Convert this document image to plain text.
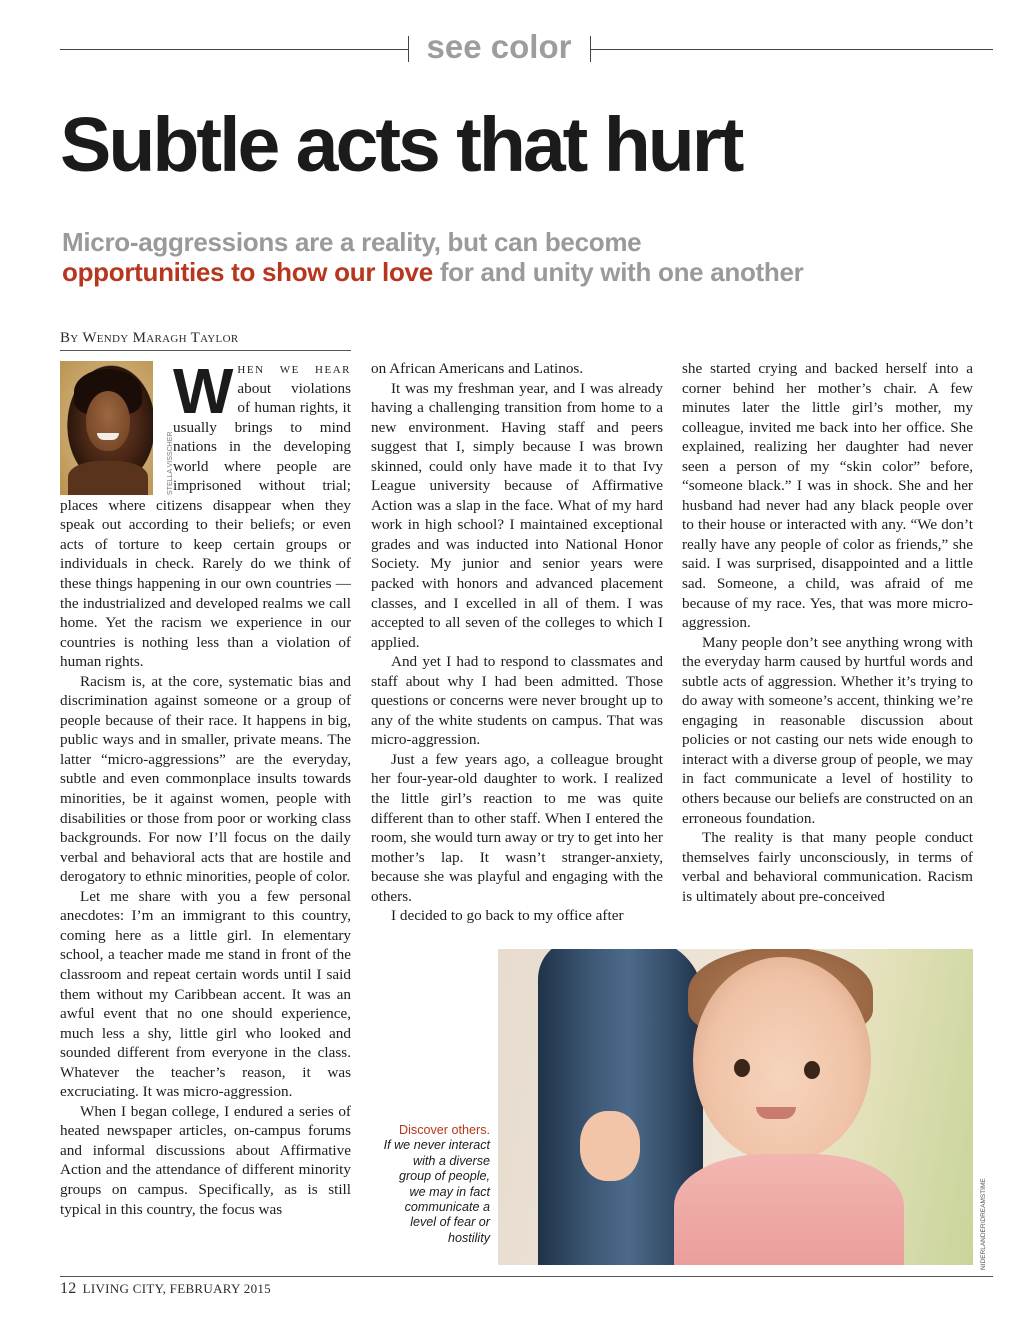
see color
Subtle acts that hurt

Micro-aggressions are a reality, but can become
opportunities to show our love for and unity with one another

By Wendy Maragh Taylor
STELLA VISSCHER
W hen we hear about violations of human rights, it usually brings to mind nations in the developing world where people are imprisoned without trial; places where citizens disappear when they speak out according to their beliefs; or even acts of torture to keep certain groups or individuals in check. Rarely do we think of these things happening in our own countries — the industrialized and developed realms we call home. Yet the racism we experience in our countries is nothing less than a violation of human rights.

Racism is, at the core, systematic bias and discrimination against someone or a group of people because of their race. It happens in big, public ways and in smaller, private means. The latter “micro-aggressions” are the everyday, subtle and even commonplace insults towards minorities, be it against women, people with disabilities or those from poor or working class backgrounds. For now I’ll focus on the daily verbal and behavioral acts that are hostile and derogatory to ethnic minorities, people of color.

Let me share with you a few personal anecdotes: I’m an immigrant to this country, coming here as a little girl. In elementary school, a teacher made me stand in front of the classroom and repeat certain words until I said them without my Caribbean accent. It was an awful event that no one should experience, much less a shy, little girl who looked and sounded different from everyone in the class. Whatever the teacher’s reason, it was excruciating. It was micro-aggression.

When I began college, I endured a series of heated newspaper articles, on-campus forums and informal discussions about Affirmative Action and the attendance of different minority groups on campus. Specifically, as is still typical in this country, the focus was

on African Americans and Latinos.

It was my freshman year, and I was already having a challenging transition from home to a new environment. Having staff and peers suggest that I, simply because I was brown skinned, could only have made it to that Ivy League university because of Affirmative Action was a slap in the face. What of my hard work in high school? I maintained exceptional grades and was inducted into National Honor Society. My junior and senior years were packed with honors and advanced placement classes, and I excelled in all of them. I was accepted to all seven of the colleges to which I applied.

And yet I had to respond to classmates and staff about why I had been admitted. Those questions or concerns were never brought up to any of the white students on campus. That was micro-aggression.

Just a few years ago, a colleague brought her four-year-old daughter to work. I realized the little girl’s reaction to me was quite different than to other staff. When I entered the room, she would turn away or try to get into her mother’s lap. It wasn’t stranger-anxiety, because she was playful and engaging with the others.

I decided to go back to my office after

she started crying and backed herself into a corner behind her mother’s chair. A few minutes later the little girl’s mother, my colleague, invited me back into her office. She explained, realizing her daughter had never seen a person of my “skin color” before, “someone black.” I was in shock. She and her husband had never had any black people over to their house or interacted with any. “We don’t really have any people of color as friends,” she said. I was surprised, disappointed and a little sad. Someone, a child, was afraid of me because of my race. Yes, that was more micro-aggression.

Many people don’t see anything wrong with the everyday harm caused by hurtful words and subtle acts of aggression. Whether it’s trying to do away with someone’s accent, thinking we’re engaging in reasonable discussion about policies or not casting our nets wide enough to interact with a diverse group of people, we may in fact communicate a level of hostility to others because our beliefs are constructed on an erroneous foundation.

The reality is that many people conduct themselves fairly unconsciously, in terms of verbal and behavioral communication. Racism is ultimately about pre-conceived

Discover others.
If we never interact with a diverse group of people, we may in fact communicate a level of fear or hostility	NIDERLANDER\DREAMSTIME
12 LIVING CITY, FEBRUARY 2015
